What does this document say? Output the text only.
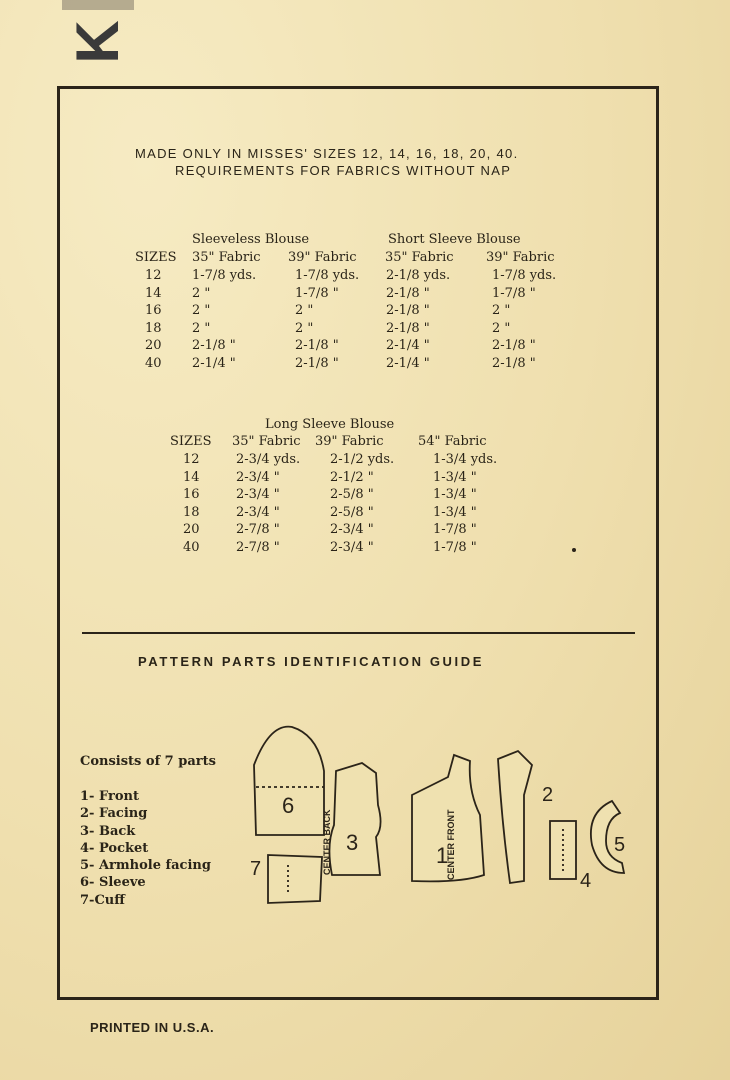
K
MADE ONLY IN MISSES' SIZES 12, 14, 16, 18, 20, 40.
REQUIREMENTS FOR FABRICS WITHOUT NAP
Sleeveless Blouse	Short Sleeve Blouse
SIZES 35" Fabric 39" Fabric 35" Fabric 39" Fabric
12 1-7/8 yds.	1-7/8 yds. 2-1/8 yds.	1-7/8 yds.
14 2 "	1-7/8 "	2-1/8 "	1-7/8 "
16 2 "	2 "	2-1/8 "	2 "
18 2 "	2 "	2-1/8 "	2 "
20 2-1/8 "	2-1/8 "	2-1/4 "	2-1/8 "
40 2-1/4 "	2-1/8 "	2-1/4 "	2-1/8 "
Long Sleeve Blouse
SIZES 35" Fabric 39" Fabric	54" Fabric
12	2-3/4 yds. 2-1/2 yds.	1-3/4 yds.
14	2-3/4 "	2-1/2 "	1-3/4 "
16	2-3/4 "	2-5/8 "	1-3/4 "
18	2-3/4 "	2-5/8 "	1-3/4 "
20	2-7/8 "	2-3/4 "	1-7/8 "
40	2-7/8 "	2-3/4 "	1-7/8 "
PATTERN PARTS IDENTIFICATION GUIDE
Consists of 7 parts
1- Front
2- Facing
3- Back
4- Pocket
5- Armhole facing
6- Sleeve
7-Cuff
6
7
3
CENTER BACK	1
CENTER FRONT
2
4
5
PRINTED IN U.S.A.
